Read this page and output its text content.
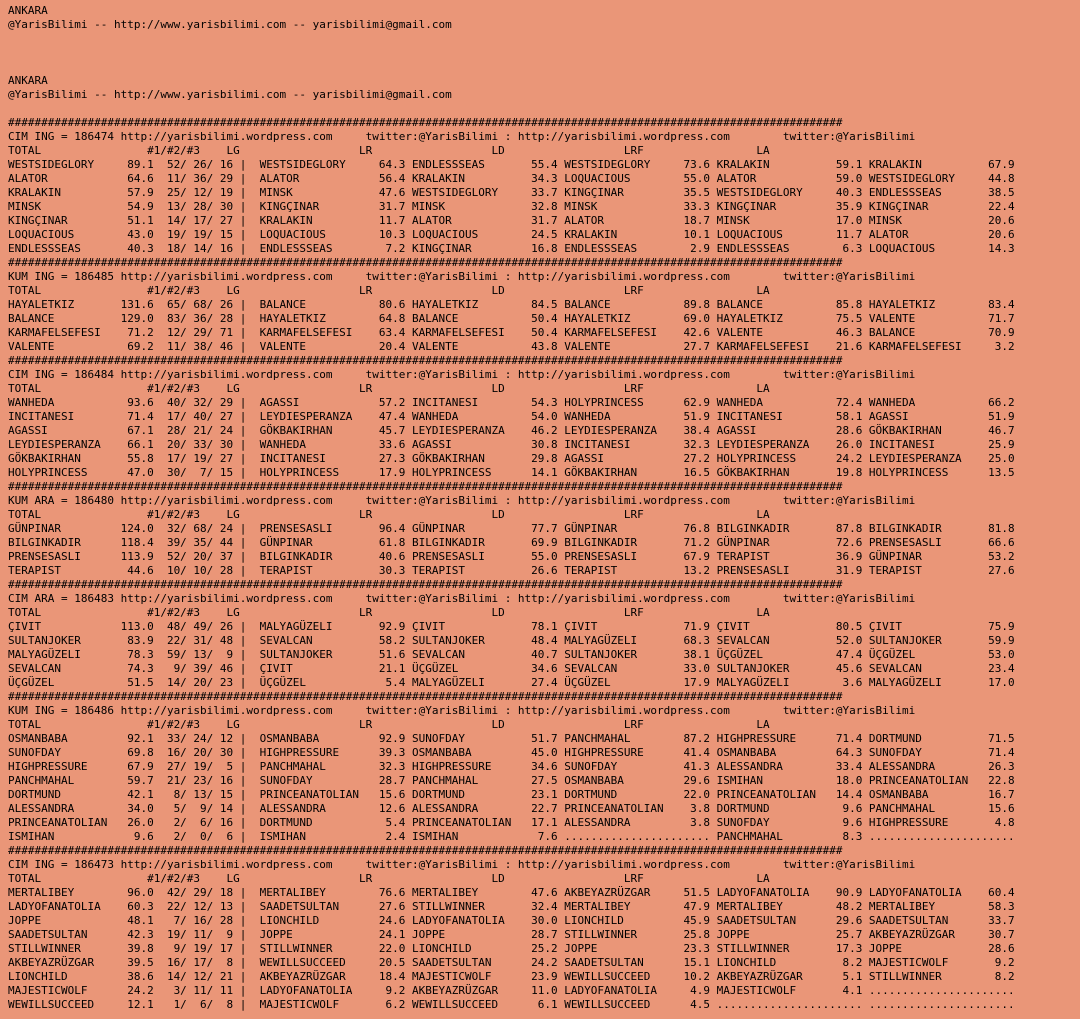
ANKARA
@YarisBilimi -- http://www.yarisbilimi.com -- yarisbilimi@gmail.com

ANKARA
@YarisBilimi -- http://www.yarisbilimi.com -- yarisbilimi@gmail.com

##############################################################################################################################
CIM ING = 186474 http://yarisbilimi.wordpress.com     twitter:@YarisBilimi : http://yarisbilimi.wordpress.com        twitter:@YarisBilimi
TOTAL                #1/#2/#3    LG                  LR                  LD                  LRF                 LA
WESTSIDEGLORY     89.1  52/ 26/ 16 |  WESTSIDEGLORY     64.3 ENDLESSSEAS       55.4 WESTSIDEGLORY     73.6 KRALAKIN          59.1 KRALAKIN          67.9
ALATOR            64.6  11/ 36/ 29 |  ALATOR            56.4 KRALAKIN          34.3 LOQUACIOUS        55.0 ALATOR            59.0 WESTSIDEGLORY     44.8
KRALAKIN          57.9  25/ 12/ 19 |  MINSK             47.6 WESTSIDEGLORY     33.7 KINGÇINAR         35.5 WESTSIDEGLORY     40.3 ENDLESSSEAS       38.5
MINSK             54.9  13/ 28/ 30 |  KINGÇINAR         31.7 MINSK             32.8 MINSK             33.3 KINGÇINAR         35.9 KINGÇINAR         22.4
KINGÇINAR         51.1  14/ 17/ 27 |  KRALAKIN          11.7 ALATOR            31.7 ALATOR            18.7 MINSK             17.0 MINSK             20.6
LOQUACIOUS        43.0  19/ 19/ 15 |  LOQUACIOUS        10.3 LOQUACIOUS        24.5 KRALAKIN          10.1 LOQUACIOUS        11.7 ALATOR            20.6
ENDLESSSEAS       40.3  18/ 14/ 16 |  ENDLESSSEAS        7.2 KINGÇINAR         16.8 ENDLESSSEAS        2.9 ENDLESSSEAS        6.3 LOQUACIOUS        14.3
##############################################################################################################################
KUM ING = 186485 http://yarisbilimi.wordpress.com     twitter:@YarisBilimi : http://yarisbilimi.wordpress.com        twitter:@YarisBilimi
TOTAL                #1/#2/#3    LG                  LR                  LD                  LRF                 LA
HAYALETKIZ       131.6  65/ 68/ 26 |  BALANCE           80.6 HAYALETKIZ        84.5 BALANCE           89.8 BALANCE           85.8 HAYALETKIZ        83.4
BALANCE          129.0  83/ 36/ 28 |  HAYALETKIZ        64.8 BALANCE           50.4 HAYALETKIZ        69.0 HAYALETKIZ        75.5 VALENTE           71.7
KARMAFELSEFESI    71.2  12/ 29/ 71 |  KARMAFELSEFESI    63.4 KARMAFELSEFESI    50.4 KARMAFELSEFESI    42.6 VALENTE           46.3 BALANCE           70.9
VALENTE           69.2  11/ 38/ 46 |  VALENTE           20.4 VALENTE           43.8 VALENTE           27.7 KARMAFELSEFESI    21.6 KARMAFELSEFESI     3.2
##############################################################################################################################
CIM ING = 186484 http://yarisbilimi.wordpress.com     twitter:@YarisBilimi : http://yarisbilimi.wordpress.com        twitter:@YarisBilimi
TOTAL                #1/#2/#3    LG                  LR                  LD                  LRF                 LA
WANHEDA           93.6  40/ 32/ 29 |  AGASSI            57.2 INCITANESI        54.3 HOLYPRINCESS      62.9 WANHEDA           72.4 WANHEDA           66.2
INCITANESI        71.4  17/ 40/ 27 |  LEYDIESPERANZA    47.4 WANHEDA           54.0 WANHEDA           51.9 INCITANESI        58.1 AGASSI            51.9
AGASSI            67.1  28/ 21/ 24 |  GÖKBAKIRHAN       45.7 LEYDIESPERANZA    46.2 LEYDIESPERANZA    38.4 AGASSI            28.6 GÖKBAKIRHAN       46.7
LEYDIESPERANZA    66.1  20/ 33/ 30 |  WANHEDA           33.6 AGASSI            30.8 INCITANESI        32.3 LEYDIESPERANZA    26.0 INCITANESI        25.9
GÖKBAKIRHAN       55.8  17/ 19/ 27 |  INCITANESI        27.3 GÖKBAKIRHAN       29.8 AGASSI            27.2 HOLYPRINCESS      24.2 LEYDIESPERANZA    25.0
HOLYPRINCESS      47.0  30/  7/ 15 |  HOLYPRINCESS      17.9 HOLYPRINCESS      14.1 GÖKBAKIRHAN       16.5 GÖKBAKIRHAN       19.8 HOLYPRINCESS      13.5
##############################################################################################################################
KUM ARA = 186480 http://yarisbilimi.wordpress.com     twitter:@YarisBilimi : http://yarisbilimi.wordpress.com        twitter:@YarisBilimi
TOTAL                #1/#2/#3    LG                  LR                  LD                  LRF                 LA
GÜNPINAR         124.0  32/ 68/ 24 |  PRENSESASLI       96.4 GÜNPINAR          77.7 GÜNPINAR          76.8 BILGINKADIR       87.8 BILGINKADIR       81.8
BILGINKADIR      118.4  39/ 35/ 44 |  GÜNPINAR          61.8 BILGINKADIR       69.9 BILGINKADIR       71.2 GÜNPINAR          72.6 PRENSESASLI       66.6
PRENSESASLI      113.9  52/ 20/ 37 |  BILGINKADIR       40.6 PRENSESASLI       55.0 PRENSESASLI       67.9 TERAPIST          36.9 GÜNPINAR          53.2
TERAPIST          44.6  10/ 10/ 28 |  TERAPIST          30.3 TERAPIST          26.6 TERAPIST          13.2 PRENSESASLI       31.9 TERAPIST          27.6
##############################################################################################################################
CIM ARA = 186483 http://yarisbilimi.wordpress.com     twitter:@YarisBilimi : http://yarisbilimi.wordpress.com        twitter:@YarisBilimi
TOTAL                #1/#2/#3    LG                  LR                  LD                  LRF                 LA
ÇIVIT            113.0  48/ 49/ 26 |  MALYAGÜZELI       92.9 ÇIVIT             78.1 ÇIVIT             71.9 ÇIVIT             80.5 ÇIVIT             75.9
SULTANJOKER       83.9  22/ 31/ 48 |  SEVALCAN          58.2 SULTANJOKER       48.4 MALYAGÜZELI       68.3 SEVALCAN          52.0 SULTANJOKER       59.9
MALYAGÜZELI       78.3  59/ 13/  9 |  SULTANJOKER       51.6 SEVALCAN          40.7 SULTANJOKER       38.1 ÜÇGÜZEL           47.4 ÜÇGÜZEL           53.0
SEVALCAN          74.3   9/ 39/ 46 |  ÇIVIT             21.1 ÜÇGÜZEL           34.6 SEVALCAN          33.0 SULTANJOKER       45.6 SEVALCAN          23.4
ÜÇGÜZEL           51.5  14/ 20/ 23 |  ÜÇGÜZEL            5.4 MALYAGÜZELI       27.4 ÜÇGÜZEL           17.9 MALYAGÜZELI        3.6 MALYAGÜZELI       17.0
##############################################################################################################################
KUM ING = 186486 http://yarisbilimi.wordpress.com     twitter:@YarisBilimi : http://yarisbilimi.wordpress.com        twitter:@YarisBilimi
TOTAL                #1/#2/#3    LG                  LR                  LD                  LRF                 LA
OSMANBABA         92.1  33/ 24/ 12 |  OSMANBABA         92.9 SUNOFDAY          51.7 PANCHMAHAL        87.2 HIGHPRESSURE      71.4 DORTMUND          71.5
SUNOFDAY          69.8  16/ 20/ 30 |  HIGHPRESSURE      39.3 OSMANBABA         45.0 HIGHPRESSURE      41.4 OSMANBABA         64.3 SUNOFDAY          71.4
HIGHPRESSURE      67.9  27/ 19/  5 |  PANCHMAHAL        32.3 HIGHPRESSURE      34.6 SUNOFDAY          41.3 ALESSANDRA        33.4 ALESSANDRA        26.3
PANCHMAHAL        59.7  21/ 23/ 16 |  SUNOFDAY          28.7 PANCHMAHAL        27.5 OSMANBABA         29.6 ISMIHAN           18.0 PRINCEANATOLIAN   22.8
DORTMUND          42.1   8/ 13/ 15 |  PRINCEANATOLIAN   15.6 DORTMUND          23.1 DORTMUND          22.0 PRINCEANATOLIAN   14.4 OSMANBABA         16.7
ALESSANDRA        34.0   5/  9/ 14 |  ALESSANDRA        12.6 ALESSANDRA        22.7 PRINCEANATOLIAN    3.8 DORTMUND           9.6 PANCHMAHAL        15.6
PRINCEANATOLIAN   26.0   2/  6/ 16 |  DORTMUND           5.4 PRINCEANATOLIAN   17.1 ALESSANDRA         3.8 SUNOFDAY           9.6 HIGHPRESSURE       4.8
ISMIHAN            9.6   2/  0/  6 |  ISMIHAN            2.4 ISMIHAN            7.6 ...................... PANCHMAHAL         8.3 ......................
##############################################################################################################################
CIM ING = 186473 http://yarisbilimi.wordpress.com     twitter:@YarisBilimi : http://yarisbilimi.wordpress.com        twitter:@YarisBilimi
TOTAL                #1/#2/#3    LG                  LR                  LD                  LRF                 LA
MERTALIBEY        96.0  42/ 29/ 18 |  MERTALIBEY        76.6 MERTALIBEY        47.6 AKBEYAZRÜZGAR     51.5 LADYOFANATOLIA    90.9 LADYOFANATOLIA    60.4
LADYOFANATOLIA    60.3  22/ 12/ 13 |  SAADETSULTAN      27.6 STILLWINNER       32.4 MERTALIBEY        47.9 MERTALIBEY        48.2 MERTALIBEY        58.3
JOPPE             48.1   7/ 16/ 28 |  LIONCHILD         24.6 LADYOFANATOLIA    30.0 LIONCHILD         45.9 SAADETSULTAN      29.6 SAADETSULTAN      33.7
SAADETSULTAN      42.3  19/ 11/  9 |  JOPPE             24.1 JOPPE             28.7 STILLWINNER       25.8 JOPPE             25.7 AKBEYAZRÜZGAR     30.7
STILLWINNER       39.8   9/ 19/ 17 |  STILLWINNER       22.0 LIONCHILD         25.2 JOPPE             23.3 STILLWINNER       17.3 JOPPE             28.6
AKBEYAZRÜZGAR     39.5  16/ 17/  8 |  WEWILLSUCCEED     20.5 SAADETSULTAN      24.2 SAADETSULTAN      15.1 LIONCHILD          8.2 MAJESTICWOLF       9.2
LIONCHILD         38.6  14/ 12/ 21 |  AKBEYAZRÜZGAR     18.4 MAJESTICWOLF      23.9 WEWILLSUCCEED     10.2 AKBEYAZRÜZGAR      5.1 STILLWINNER        8.2
MAJESTICWOLF      24.2   3/ 11/ 11 |  LADYOFANATOLIA     9.2 AKBEYAZRÜZGAR     11.0 LADYOFANATOLIA     4.9 MAJESTICWOLF       4.1 ......................
WEWILLSUCCEED     12.1   1/  6/  8 |  MAJESTICWOLF       6.2 WEWILLSUCCEED      6.1 WEWILLSUCCEED      4.5 ...................... ......................
